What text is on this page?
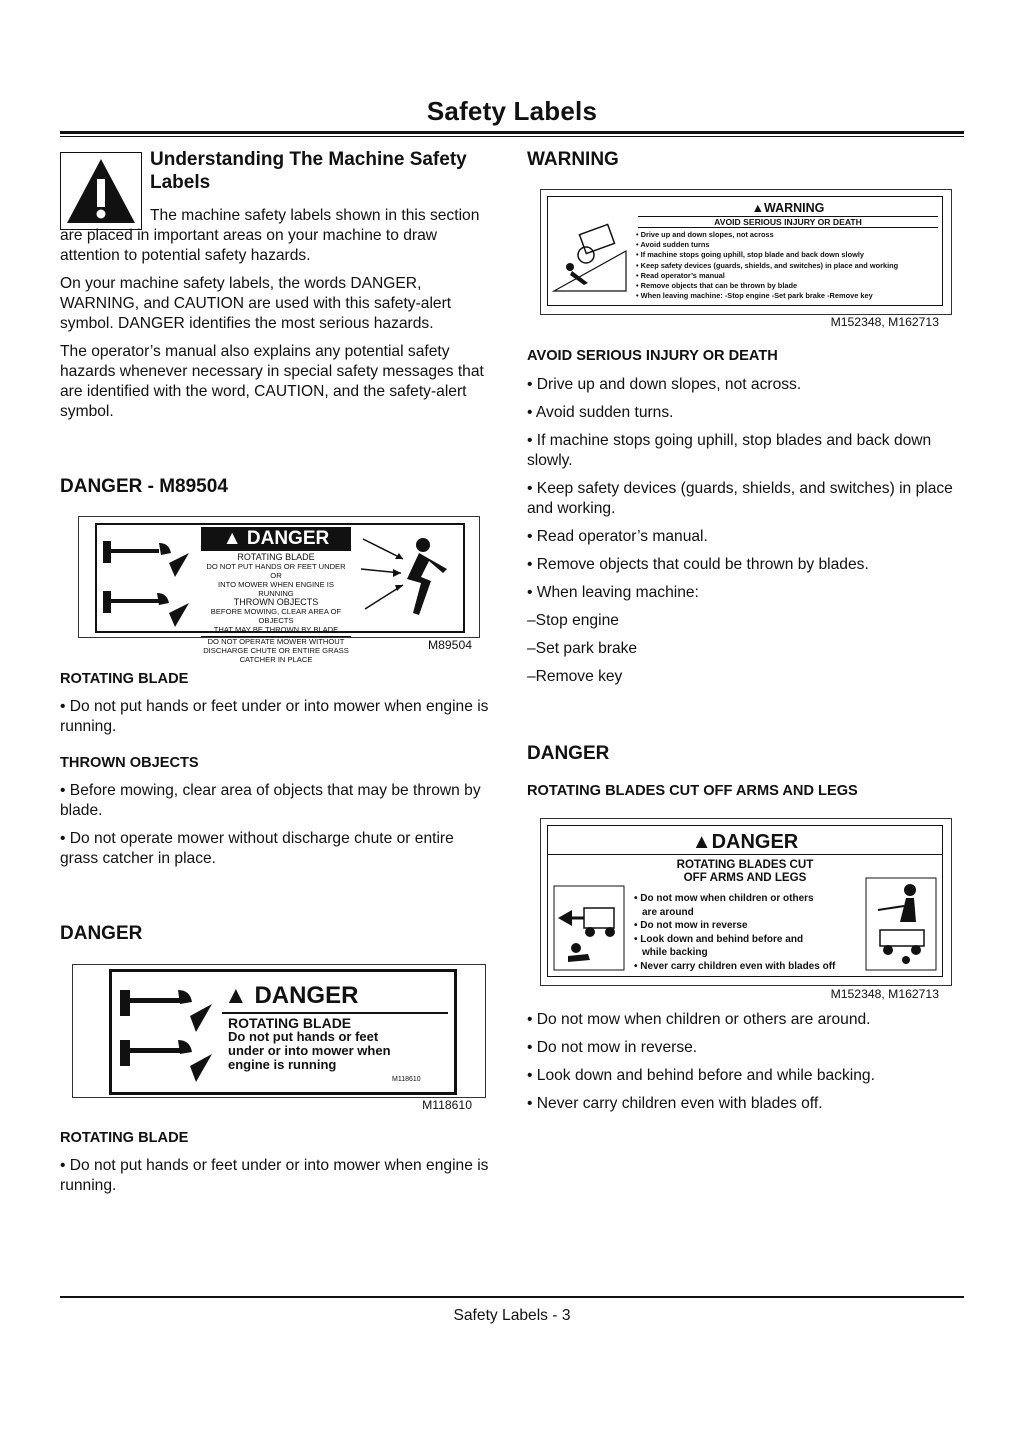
Safety Labels
Understanding The Machine Safety Labels

The machine safety labels shown in this section are placed in important areas on your machine to draw attention to potential safety hazards.

On your machine safety labels, the words DANGER, WARNING, and CAUTION are used with this safety-alert symbol. DANGER identifies the most serious hazards.

The operator’s manual also explains any potential safety hazards whenever necessary in special safety messages that are identified with the word, CAUTION, and the safety-alert symbol.

DANGER - M89504
▲ DANGER
ROTATING BLADE
DO NOT PUT HANDS OR FEET UNDER OR
INTO MOWER WHEN ENGINE IS RUNNING
THROWN OBJECTS
BEFORE MOWING, CLEAR AREA OF OBJECTS
THAT MAY BE THROWN BY BLADE
DO NOT OPERATE MOWER WITHOUT
DISCHARGE CHUTE OR ENTIRE GRASS
CATCHER IN PLACE
M89504
ROTATING BLADE

• Do not put hands or feet under or into mower when engine is running.

THROWN OBJECTS

• Before mowing, clear area of objects that may be thrown by blade.

• Do not operate mower without discharge chute or entire grass catcher in place.

DANGER
▲ DANGER
ROTATING BLADE
Do not put hands or feet
under or into mower when
engine is running
M118610
M118610
ROTATING BLADE

• Do not put hands or feet under or into mower when engine is running.

WARNING
▲WARNING
AVOID SERIOUS INJURY OR DEATH
• Drive up and down slopes, not across
• Avoid sudden turns
• If machine stops going uphill, stop blade and back down slowly
• Keep safety devices (guards, shields, and switches) in place and working
• Read operator’s manual
• Remove objects that can be thrown by blade
• When leaving machine: -Stop engine -Set park brake -Remove key
M152348, M162713
AVOID SERIOUS INJURY OR DEATH

• Drive up and down slopes, not across.

• Avoid sudden turns.

• If machine stops going uphill, stop blades and back down slowly.

• Keep safety devices (guards, shields, and switches) in place and working.

• Read operator’s manual.

• Remove objects that could be thrown by blades.

• When leaving machine:

–Stop engine

–Set park brake

–Remove key

DANGER
ROTATING BLADES CUT OFF ARMS AND LEGS
▲DANGER
ROTATING BLADES CUT
OFF ARMS AND LEGS
• Do not mow when children or others
are around
• Do not mow in reverse
• Look down and behind before and
while backing
• Never carry children even with blades off
M152348, M162713

• Do not mow when children or others are around.

• Do not mow in reverse.

• Look down and behind before and while backing.

• Never carry children even with blades off.

Safety Labels - 3
